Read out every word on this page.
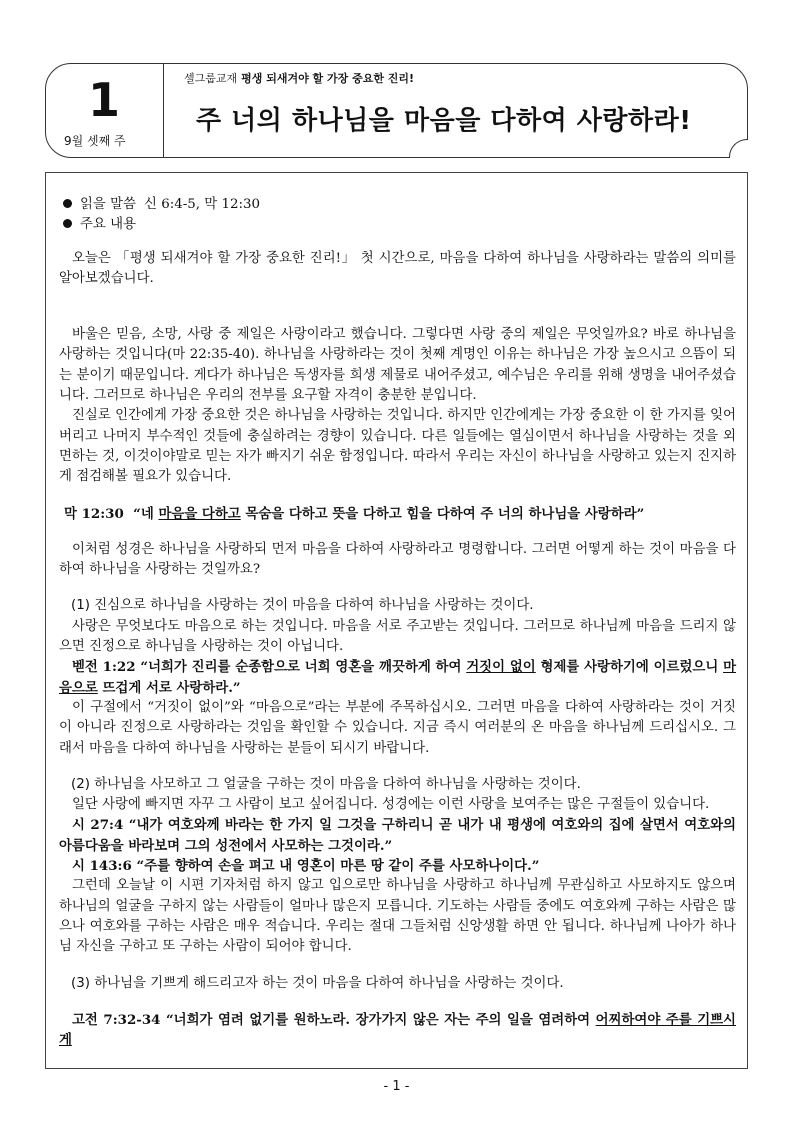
1
9월 셋째 주
셀그룹교재 평생 되새겨야 할 가장 중요한 진리!
주 너의 하나님을 마음을 다하여 사랑하라!
읽을 말씀 신 6:4-5, 막 12:30
주요 내용

오늘은 「평생 되새겨야 할 가장 중요한 진리!」 첫 시간으로, 마음을 다하여 하나님을 사랑하라는 말씀의 의미를 알아보겠습니다.

바울은 믿음, 소망, 사랑 중 제일은 사랑이라고 했습니다. 그렇다면 사랑 중의 제일은 무엇일까요? 바로 하나님을 사랑하는 것입니다(마 22:35-40). 하나님을 사랑하라는 것이 첫째 계명인 이유는 하나님은 가장 높으시고 으뜸이 되는 분이기 때문입니다. 게다가 하나님은 독생자를 희생 제물로 내어주셨고, 예수님은 우리를 위해 생명을 내어주셨습니다. 그러므로 하나님은 우리의 전부를 요구할 자격이 충분한 분입니다.

진실로 인간에게 가장 중요한 것은 하나님을 사랑하는 것입니다. 하지만 인간에게는 가장 중요한 이 한 가지를 잊어버리고 나머지 부수적인 것들에 충실하려는 경향이 있습니다. 다른 일들에는 열심이면서 하나님을 사랑하는 것을 외면하는 것, 이것이야말로 믿는 자가 빠지기 쉬운 함정입니다. 따라서 우리는 자신이 하나님을 사랑하고 있는지 진지하게 점검해볼 필요가 있습니다.

막 12:30 “네 마음을 다하고 목숨을 다하고 뜻을 다하고 힘을 다하여 주 너의 하나님을 사랑하라”

이처럼 성경은 하나님을 사랑하되 먼저 마음을 다하여 사랑하라고 명령합니다. 그러면 어떻게 하는 것이 마음을 다하여 하나님을 사랑하는 것일까요?

(1) 진심으로 하나님을 사랑하는 것이 마음을 다하여 하나님을 사랑하는 것이다.

사랑은 무엇보다도 마음으로 하는 것입니다. 마음을 서로 주고받는 것입니다. 그러므로 하나님께 마음을 드리지 않으면 진정으로 하나님을 사랑하는 것이 아닙니다.

벧전 1:22 “너희가 진리를 순종함으로 너희 영혼을 깨끗하게 하여 거짓이 없이 형제를 사랑하기에 이르렀으니 마음으로 뜨겁게 서로 사랑하라.”

이 구절에서 “거짓이 없이”와 “마음으로”라는 부분에 주목하십시오. 그러면 마음을 다하여 사랑하라는 것이 거짓이 아니라 진정으로 사랑하라는 것임을 확인할 수 있습니다. 지금 즉시 여러분의 온 마음을 하나님께 드리십시오. 그래서 마음을 다하여 하나님을 사랑하는 분들이 되시기 바랍니다.

(2) 하나님을 사모하고 그 얼굴을 구하는 것이 마음을 다하여 하나님을 사랑하는 것이다.

일단 사랑에 빠지면 자꾸 그 사람이 보고 싶어집니다. 성경에는 이런 사랑을 보여주는 많은 구절들이 있습니다.

시 27:4 “내가 여호와께 바라는 한 가지 일 그것을 구하리니 곧 내가 내 평생에 여호와의 집에 살면서 여호와의 아름다움을 바라보며 그의 성전에서 사모하는 그것이라.”

시 143:6 “주를 향하여 손을 펴고 내 영혼이 마른 땅 같이 주를 사모하나이다.”

그런데 오늘날 이 시편 기자처럼 하지 않고 입으로만 하나님을 사랑하고 하나님께 무관심하고 사모하지도 않으며 하나님의 얼굴을 구하지 않는 사람들이 얼마나 많은지 모릅니다. 기도하는 사람들 중에도 여호와께 구하는 사람은 많으나 여호와를 구하는 사람은 매우 적습니다. 우리는 절대 그들처럼 신앙생활 하면 안 됩니다. 하나님께 나아가 하나님 자신을 구하고 또 구하는 사람이 되어야 합니다.

(3) 하나님을 기쁘게 해드리고자 하는 것이 마음을 다하여 하나님을 사랑하는 것이다.

고전 7:32-34 “너희가 염려 없기를 원하노라. 장가가지 않은 자는 주의 일을 염려하여 어찌하여야 주를 기쁘시게

- 1 -
